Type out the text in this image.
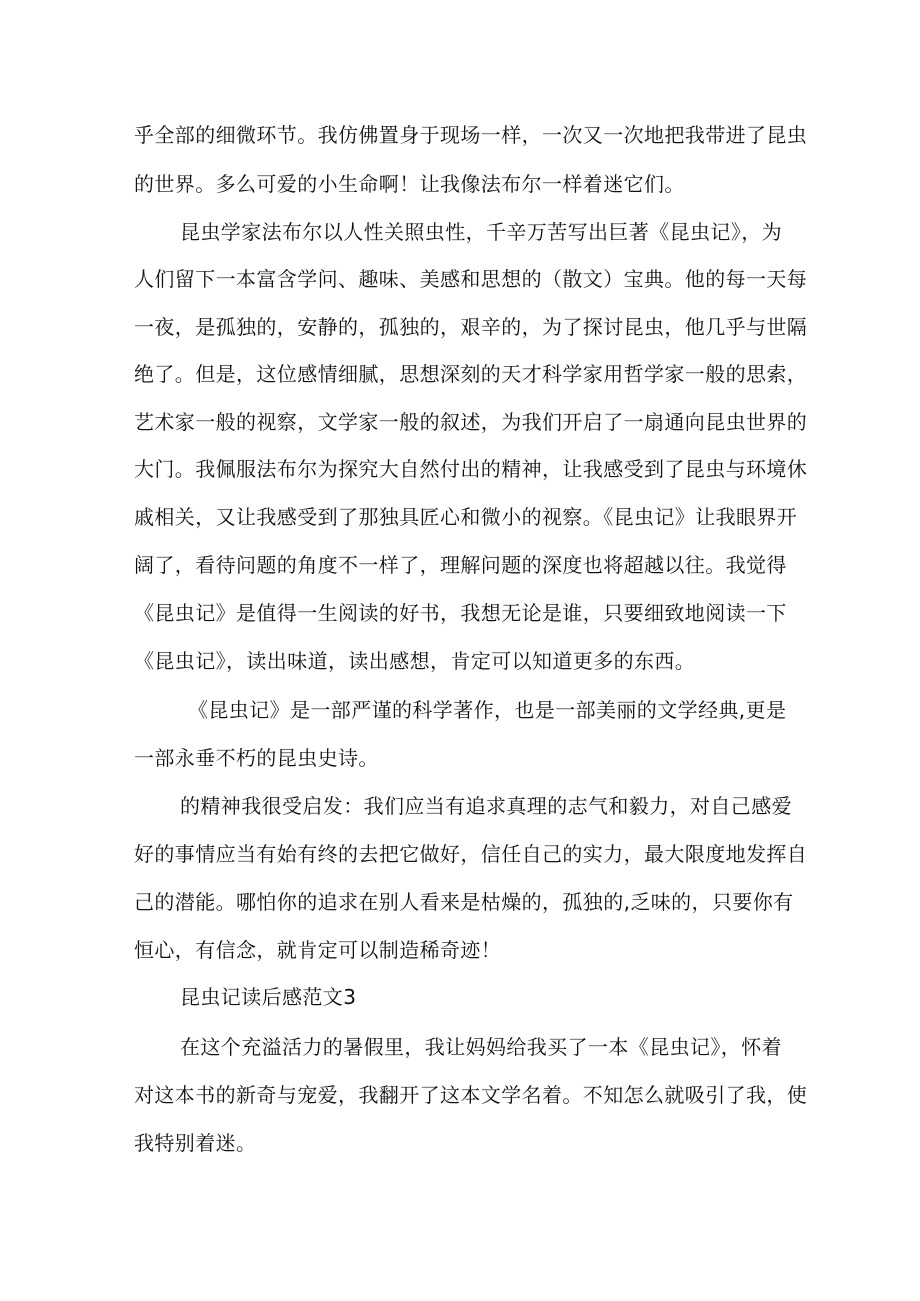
乎全部的细微环节。我仿佛置身于现场一样，一次又一次地把我带进了昆虫
的世界。多么可爱的小生命啊！让我像法布尔一样着迷它们。
昆虫学家法布尔以人性关照虫性，千辛万苦写出巨著《昆虫记》，为
人们留下一本富含学问、趣味、美感和思想的（散文）宝典。他的每一天每
一夜，是孤独的，安静的，孤独的，艰辛的，为了探讨昆虫，他几乎与世隔
绝了。但是，这位感情细腻，思想深刻的天才科学家用哲学家一般的思索，
艺术家一般的视察，文学家一般的叙述，为我们开启了一扇通向昆虫世界的
大门。我佩服法布尔为探究大自然付出的精神，让我感受到了昆虫与环境休
戚相关，又让我感受到了那独具匠心和微小的视察。《昆虫记》让我眼界开
阔了，看待问题的角度不一样了，理解问题的深度也将超越以往。我觉得
《昆虫记》是值得一生阅读的好书，我想无论是谁，只要细致地阅读一下
《昆虫记》，读出味道，读出感想，肯定可以知道更多的东西。
《昆虫记》是一部严谨的科学著作，也是一部美丽的文学经典,更是
一部永垂不朽的昆虫史诗。
的精神我很受启发：我们应当有追求真理的志气和毅力，对自己感爱
好的事情应当有始有终的去把它做好，信任自己的实力，最大限度地发挥自
己的潜能。哪怕你的追求在别人看来是枯燥的，孤独的,乏味的，只要你有
恒心，有信念，就肯定可以制造稀奇迹！
昆虫记读后感范文3
在这个充溢活力的暑假里，我让妈妈给我买了一本《昆虫记》，怀着
对这本书的新奇与宠爱，我翻开了这本文学名着。不知怎么就吸引了我，使
我特别着迷。
